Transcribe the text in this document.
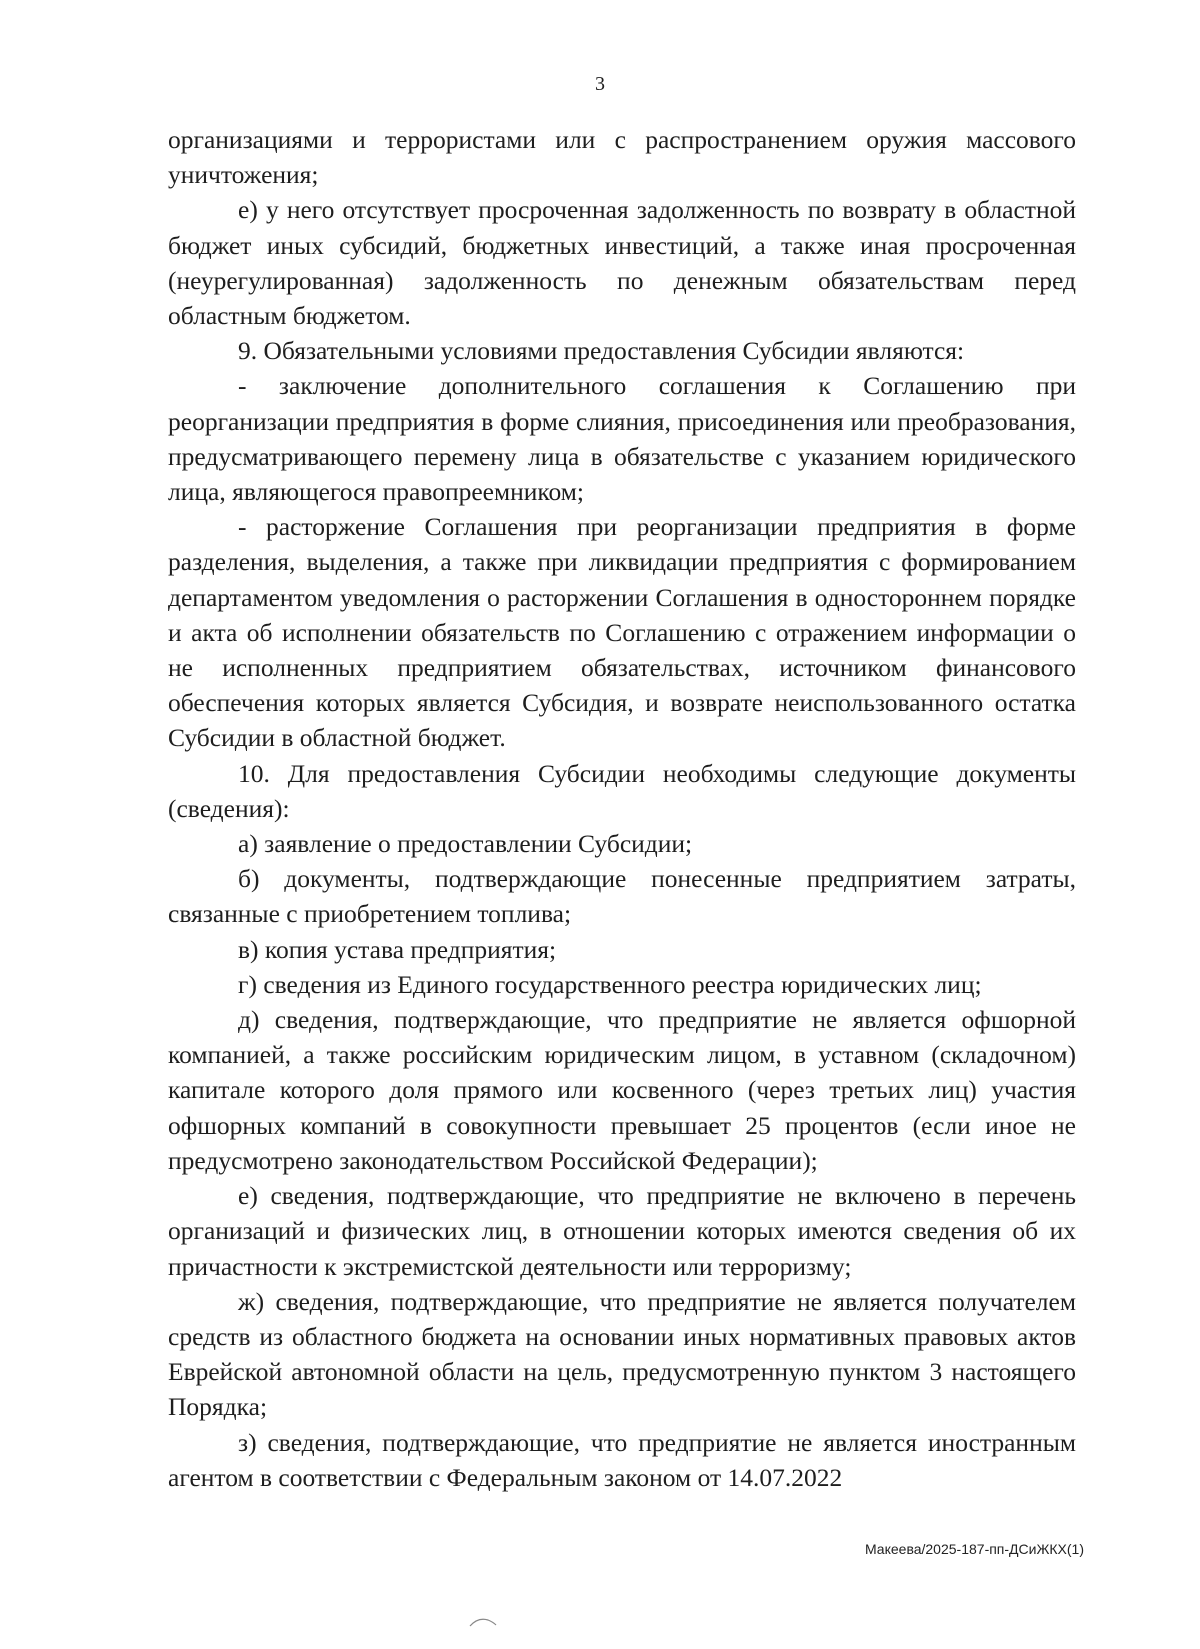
3

организациями и террористами или с распространением оружия массового уничтожения;

е) у него отсутствует просроченная задолженность по возврату в областной бюджет иных субсидий, бюджетных инвестиций, а также иная просроченная (неурегулированная) задолженность по денежным обязательствам перед областным бюджетом.

9. Обязательными условиями предоставления Субсидии являются:

- заключение дополнительного соглашения к Соглашению при реорганизации предприятия в форме слияния, присоединения или преобразования, предусматривающего перемену лица в обязательстве с указанием юридического лица, являющегося правопреемником;

- расторжение Соглашения при реорганизации предприятия в форме разделения, выделения, а также при ликвидации предприятия с формированием департаментом уведомления о расторжении Соглашения в одностороннем порядке и акта об исполнении обязательств по Соглашению с отражением информации о не исполненных предприятием обязательствах, источником финансового обеспечения которых является Субсидия, и возврате неиспользованного остатка Субсидии в областной бюджет.

10. Для предоставления Субсидии необходимы следующие документы (сведения):

а) заявление о предоставлении Субсидии;

б) документы, подтверждающие понесенные предприятием затраты, связанные с приобретением топлива;

в) копия устава предприятия;

г) сведения из Единого государственного реестра юридических лиц;

д) сведения, подтверждающие, что предприятие не является офшорной компанией, а также российским юридическим лицом, в уставном (складочном) капитале которого доля прямого или косвенного (через третьих лиц) участия офшорных компаний в совокупности превышает 25 процентов (если иное не предусмотрено законодательством Российской Федерации);

е) сведения, подтверждающие, что предприятие не включено в перечень организаций и физических лиц, в отношении которых имеются сведения об их причастности к экстремистской деятельности или терроризму;

ж) сведения, подтверждающие, что предприятие не является получателем средств из областного бюджета на основании иных нормативных правовых актов Еврейской автономной области на цель, предусмотренную пунктом 3 настоящего Порядка;

з) сведения, подтверждающие, что предприятие не является иностранным агентом в соответствии с Федеральным законом от 14.07.2022

Макеева/2025-187-пп-ДСиЖКХ(1)
